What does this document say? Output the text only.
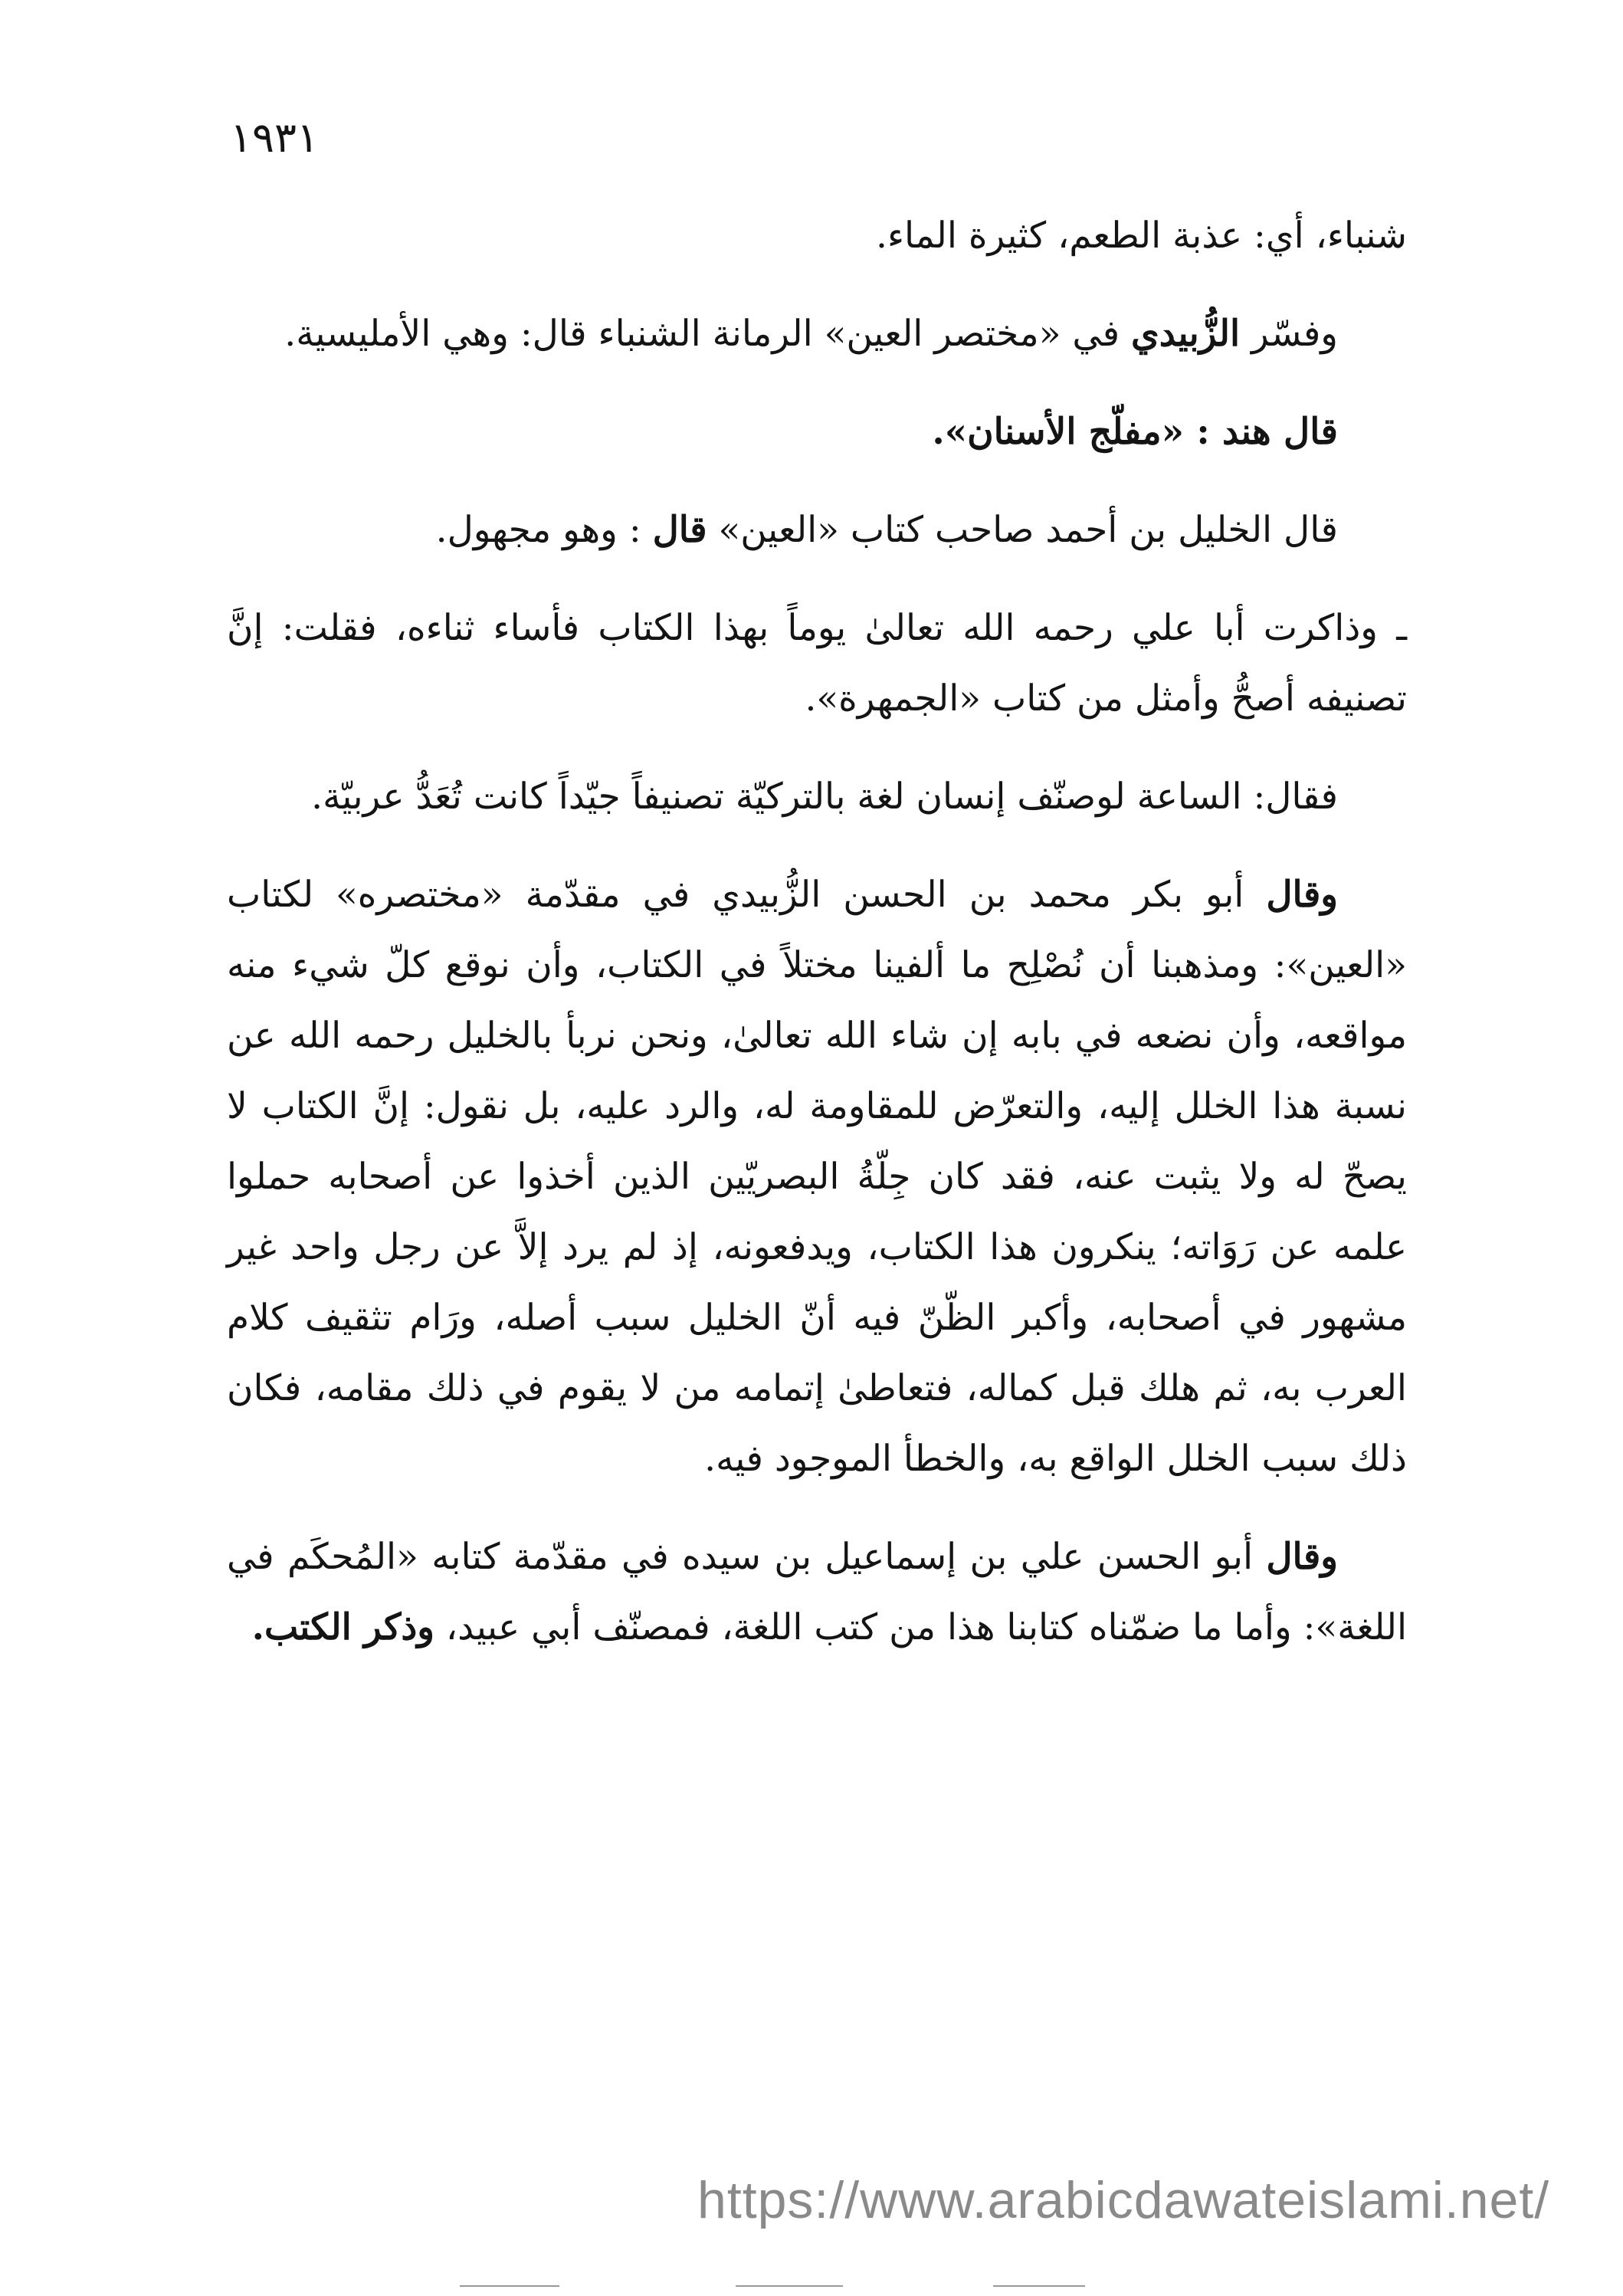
١٩٣١

شنباء، أي: عذبة الطعم، كثيرة الماء.

وفسّر الزُّبيدي في «مختصر العين» الرمانة الشنباء قال: وهي الأمليسية.

قال هند : «مفلّج الأسنان».

قال الخليل بن أحمد صاحب كتاب «العين» قال : وهو مجهول.

ـ وذاكرت أبا علي رحمه الله تعالىٰ يوماً بهذا الكتاب فأساء ثناءه، فقلت: إنَّ تصنيفه أصحُّ وأمثل من كتاب «الجمهرة».

فقال: الساعة لوصنّف إنسان لغة بالتركيّة تصنيفاً جيّداً كانت تُعَدُّ عربيّة.

وقال أبو بكر محمد بن الحسن الزُّبيدي في مقدّمة «مختصره» لكتاب «العين»: ومذهبنا أن نُصْلِح ما ألفينا مختلاً في الكتاب، وأن نوقع كلّ شيء منه مواقعه، وأن نضعه في بابه إن شاء الله تعالىٰ، ونحن نربأ بالخليل رحمه الله عن نسبة هذا الخلل إليه، والتعرّض للمقاومة له، والرد عليه، بل نقول: إنَّ الكتاب لا يصحّ له ولا يثبت عنه، فقد كان جِلّةُ البصريّين الذين أخذوا عن أصحابه حملوا علمه عن رَوَاته؛ ينكرون هذا الكتاب، ويدفعونه، إذ لم يرد إلاَّ عن رجل واحد غير مشهور في أصحابه، وأكبر الظّنّ فيه أنّ الخليل سبب أصله، ورَام تثقيف كلام العرب به، ثم هلك قبل كماله، فتعاطىٰ إتمامه من لا يقوم في ذلك مقامه، فكان ذلك سبب الخلل الواقع به، والخطأ الموجود فيه.

وقال أبو الحسن علي بن إسماعيل بن سيده في مقدّمة كتابه «المُحكَم في اللغة»: وأما ما ضمّناه كتابنا هذا من كتب اللغة، فمصنّف أبي عبيد، وذكر الكتب.

https://www.arabicdawateislami.net/
